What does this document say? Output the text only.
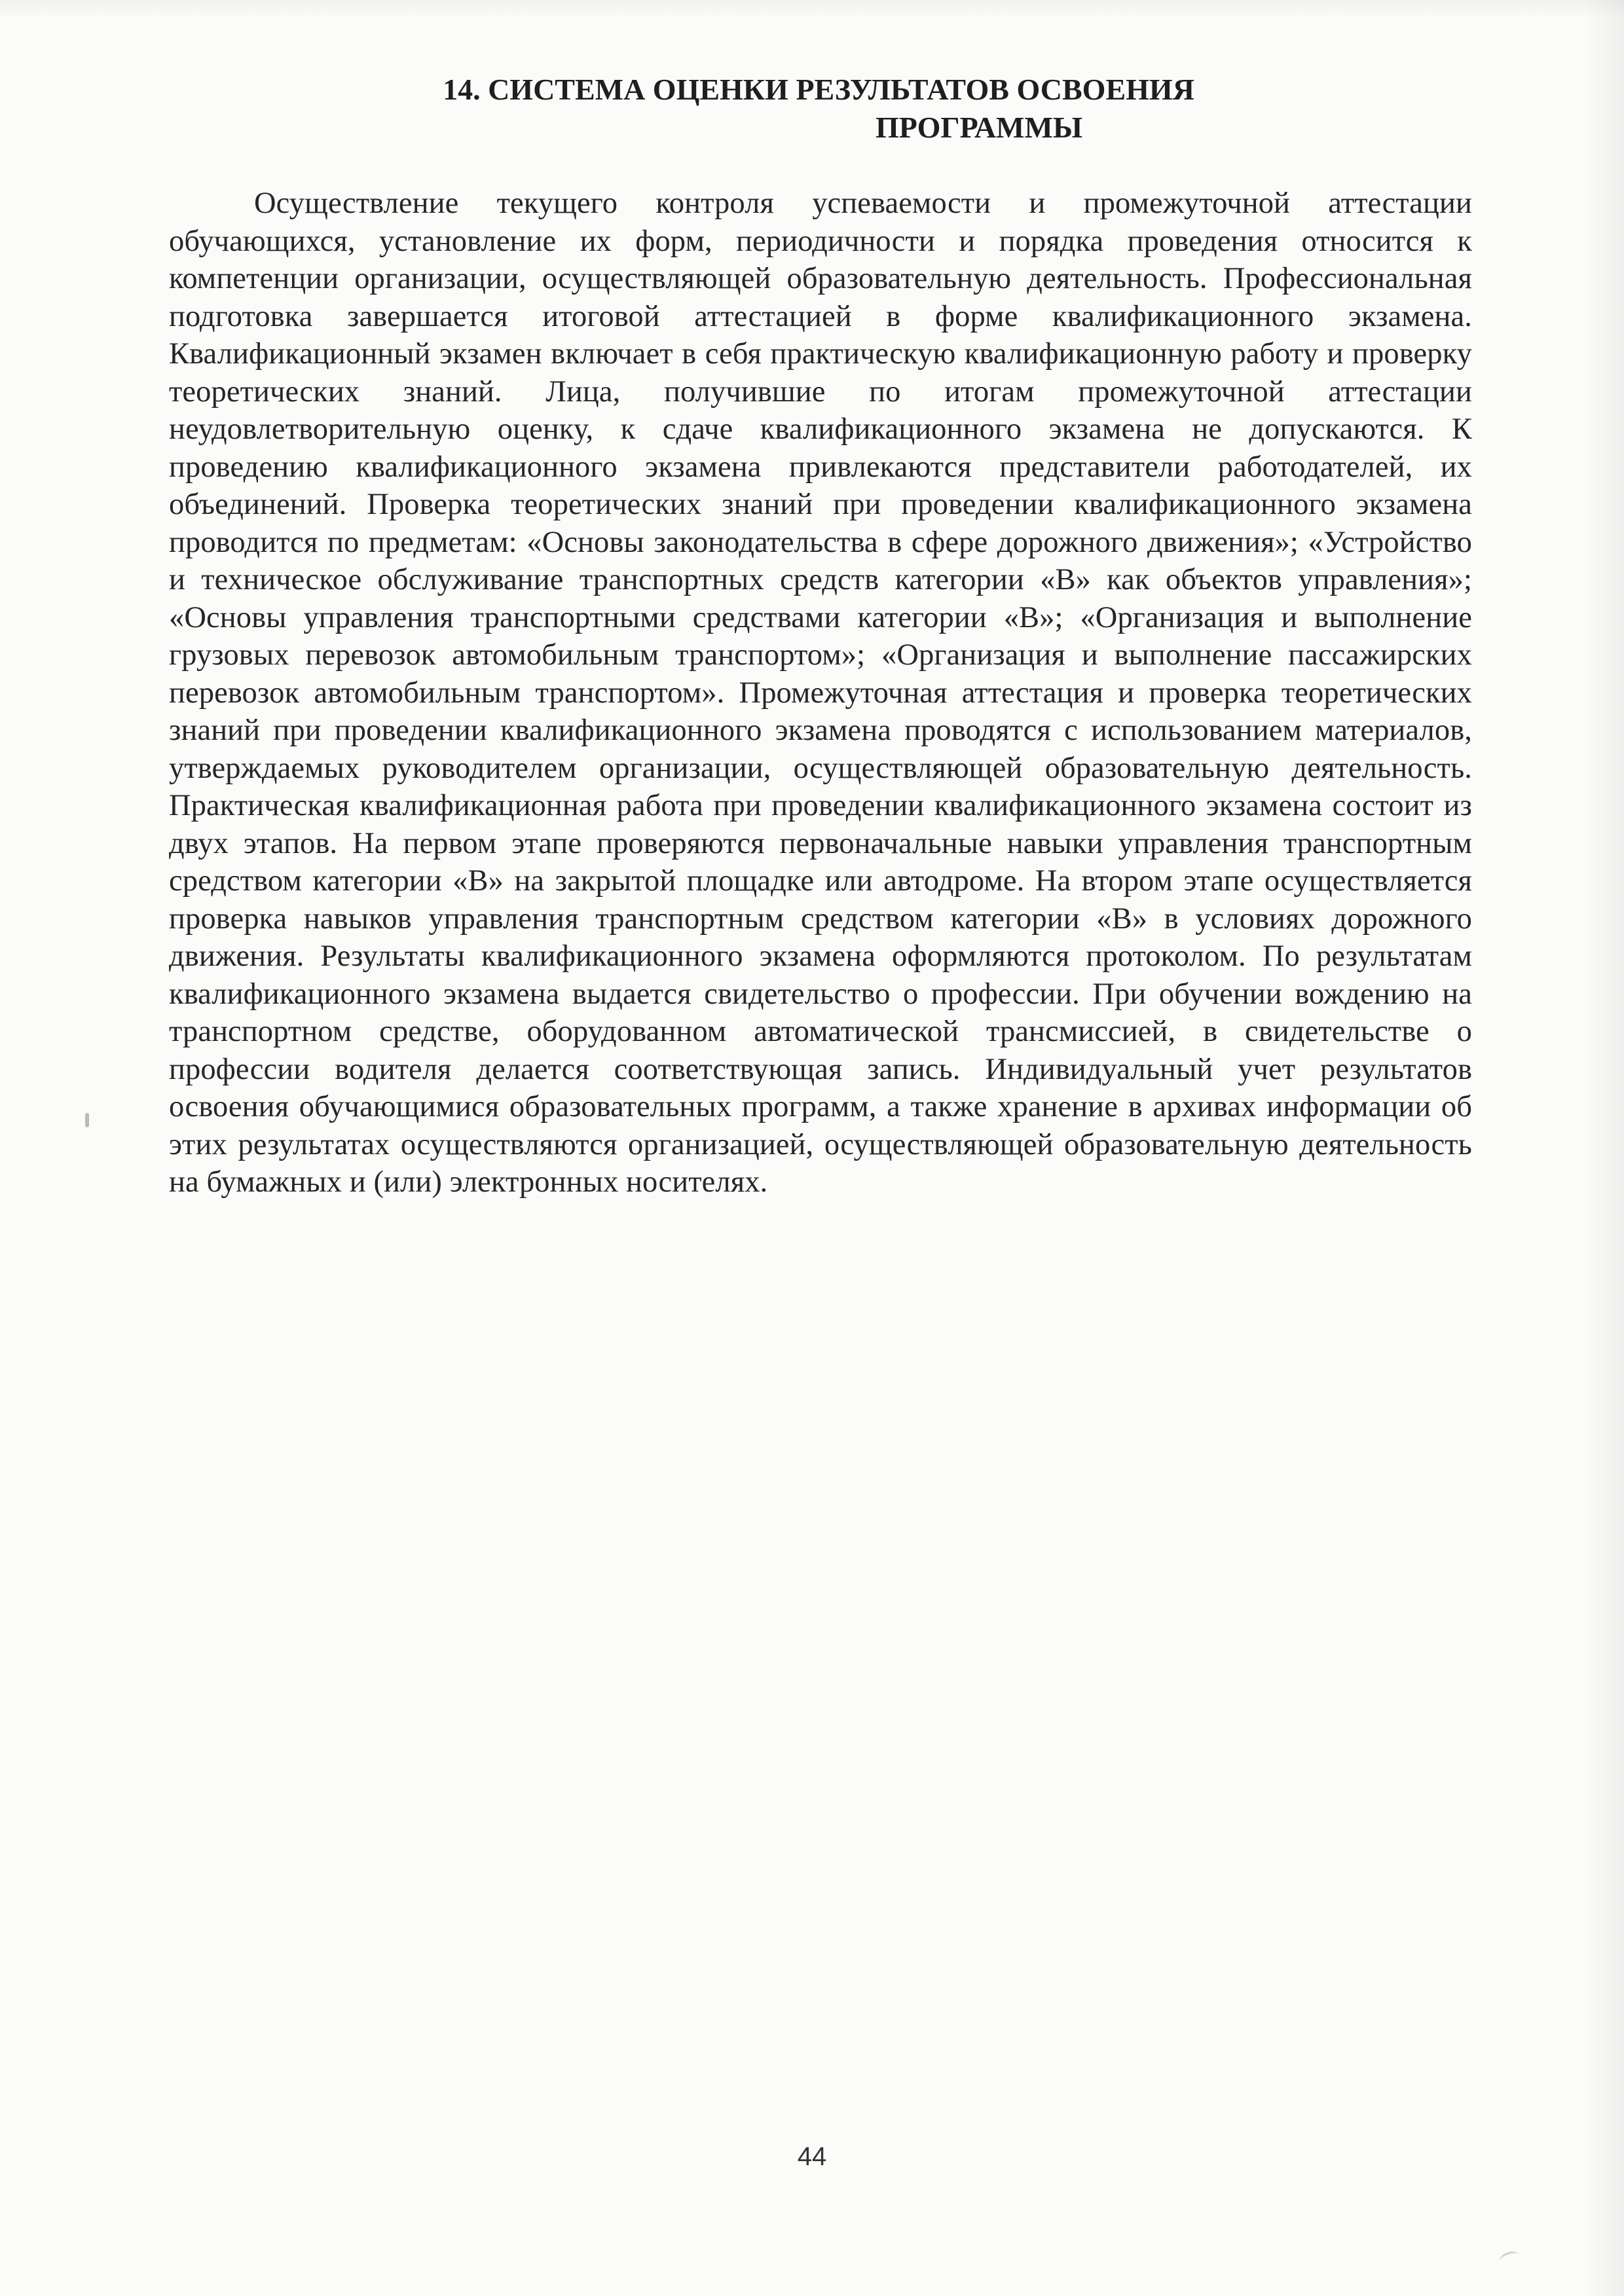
14. СИСТЕМА ОЦЕНКИ РЕЗУЛЬТАТОВ ОСВОЕНИЯ
ПРОГРАММЫ

Осуществление текущего контроля успеваемости и промежуточной аттестации обучающихся, установление их форм, периодичности и порядка проведения относится к компетенции организации, осуществляющей образовательную деятельность. Профессиональная подготовка завершается итоговой аттестацией в форме квалификационного экзамена. Квалификационный экзамен включает в себя практическую квалификационную работу и проверку теоретических знаний. Лица, получившие по итогам промежуточной аттестации неудовлетворительную оценку, к сдаче квалификационного экзамена не допускаются. К проведению квалификационного экзамена привлекаются представители работодателей, их объединений. Проверка теоретических знаний при проведении квалификационного экзамена проводится по предметам: «Основы законодательства в сфере дорожного движения»; «Устройство и техническое обслуживание транспортных средств категории «В» как объектов управления»; «Основы управления транспортными средствами категории «В»; «Организация и выполнение грузовых перевозок автомобильным транспортом»; «Организация и выполнение пассажирских перевозок автомобильным транспортом». Промежуточная аттестация и проверка теоретических знаний при проведении квалификационного экзамена проводятся с использованием материалов, утверждаемых руководителем организации, осуществляющей образовательную деятельность. Практическая квалификационная работа при проведении квалификационного экзамена состоит из двух этапов. На первом этапе проверяются первоначальные навыки управления транспортным средством категории «В» на закрытой площадке или автодроме. На втором этапе осуществляется проверка навыков управления транспортным средством категории «В» в условиях дорожного движения. Результаты квалификационного экзамена оформляются протоколом. По результатам квалификационного экзамена выдается свидетельство о профессии. При обучении вождению на транспортном средстве, оборудованном автоматической трансмиссией, в свидетельстве о профессии водителя делается соответствующая запись. Индивидуальный учет результатов освоения обучающимися образовательных программ, а также хранение в архивах информации об этих результатах осуществляются организацией, осуществляющей образовательную деятельность на бумажных и (или) электронных носителях.

44
